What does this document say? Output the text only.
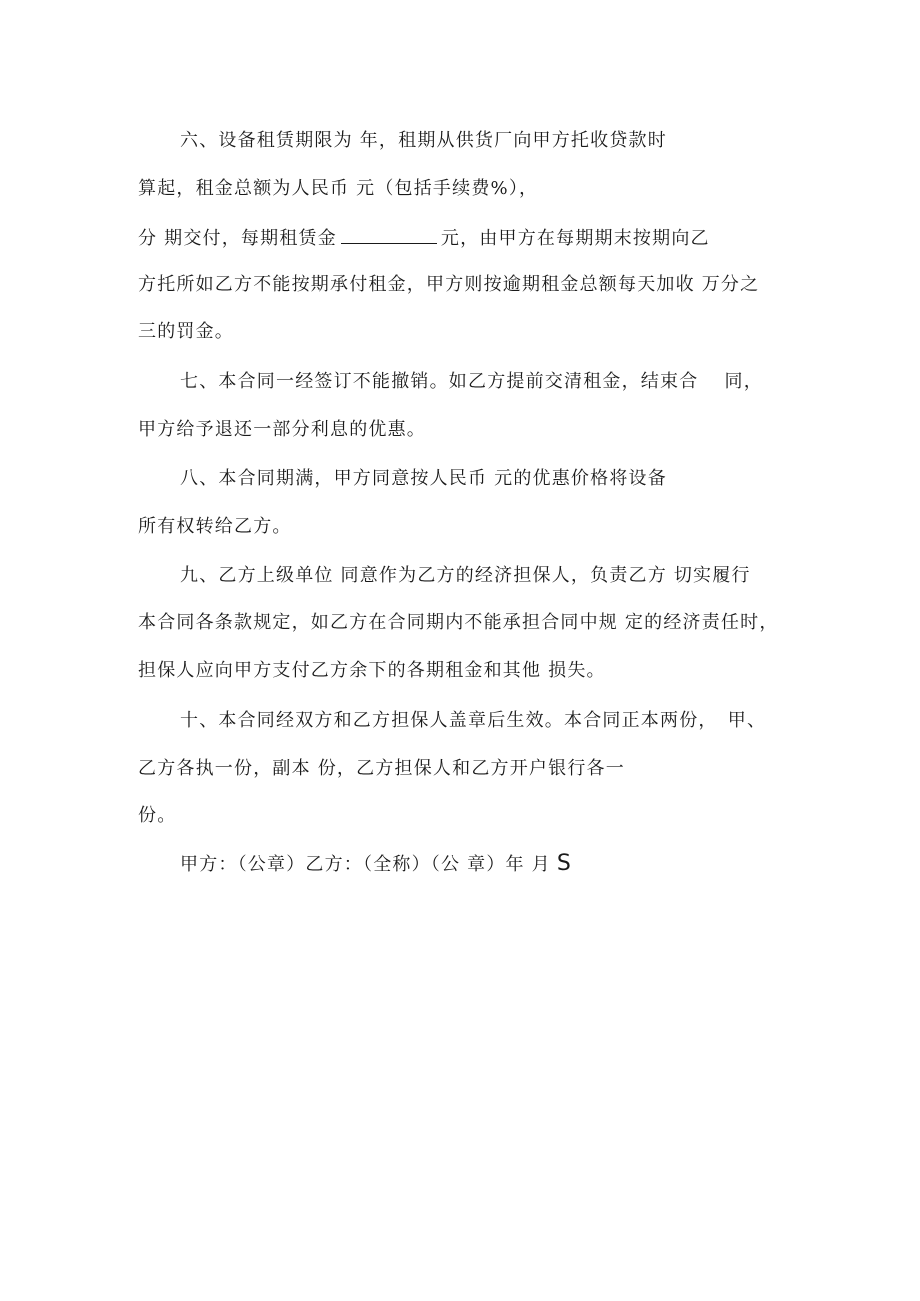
六、设备租赁期限为 年，租期从供货厂向甲方托收贷款时
算起，租金总额为人民币 元（包括手续费%），
分 期交付，每期租赁金	元，由甲方在每期期末按期向乙
方托所如乙方不能按期承付租金，甲方则按逾期租金总额每天加收 万分之
三的罚金。
七、本合同一经签订不能撤销。如乙方提前交清租金，结束合　 同，
甲方给予退还一部分利息的优惠。
八、本合同期满，甲方同意按人民币 元的优惠价格将设备
所有权转给乙方。
九、乙方上级单位 同意作为乙方的经济担保人，负责乙方 切实履行
本合同各条款规定，如乙方在合同期内不能承担合同中规 定的经济责任时，
担保人应向甲方支付乙方余下的各期租金和其他 损失。
十、本合同经双方和乙方担保人盖章后生效。本合同正本两份，　甲、
乙方各执一份，副本 份，乙方担保人和乙方开户银行各一
份。
甲方：（公章）乙方：（全称）（公 章）年 月 S
